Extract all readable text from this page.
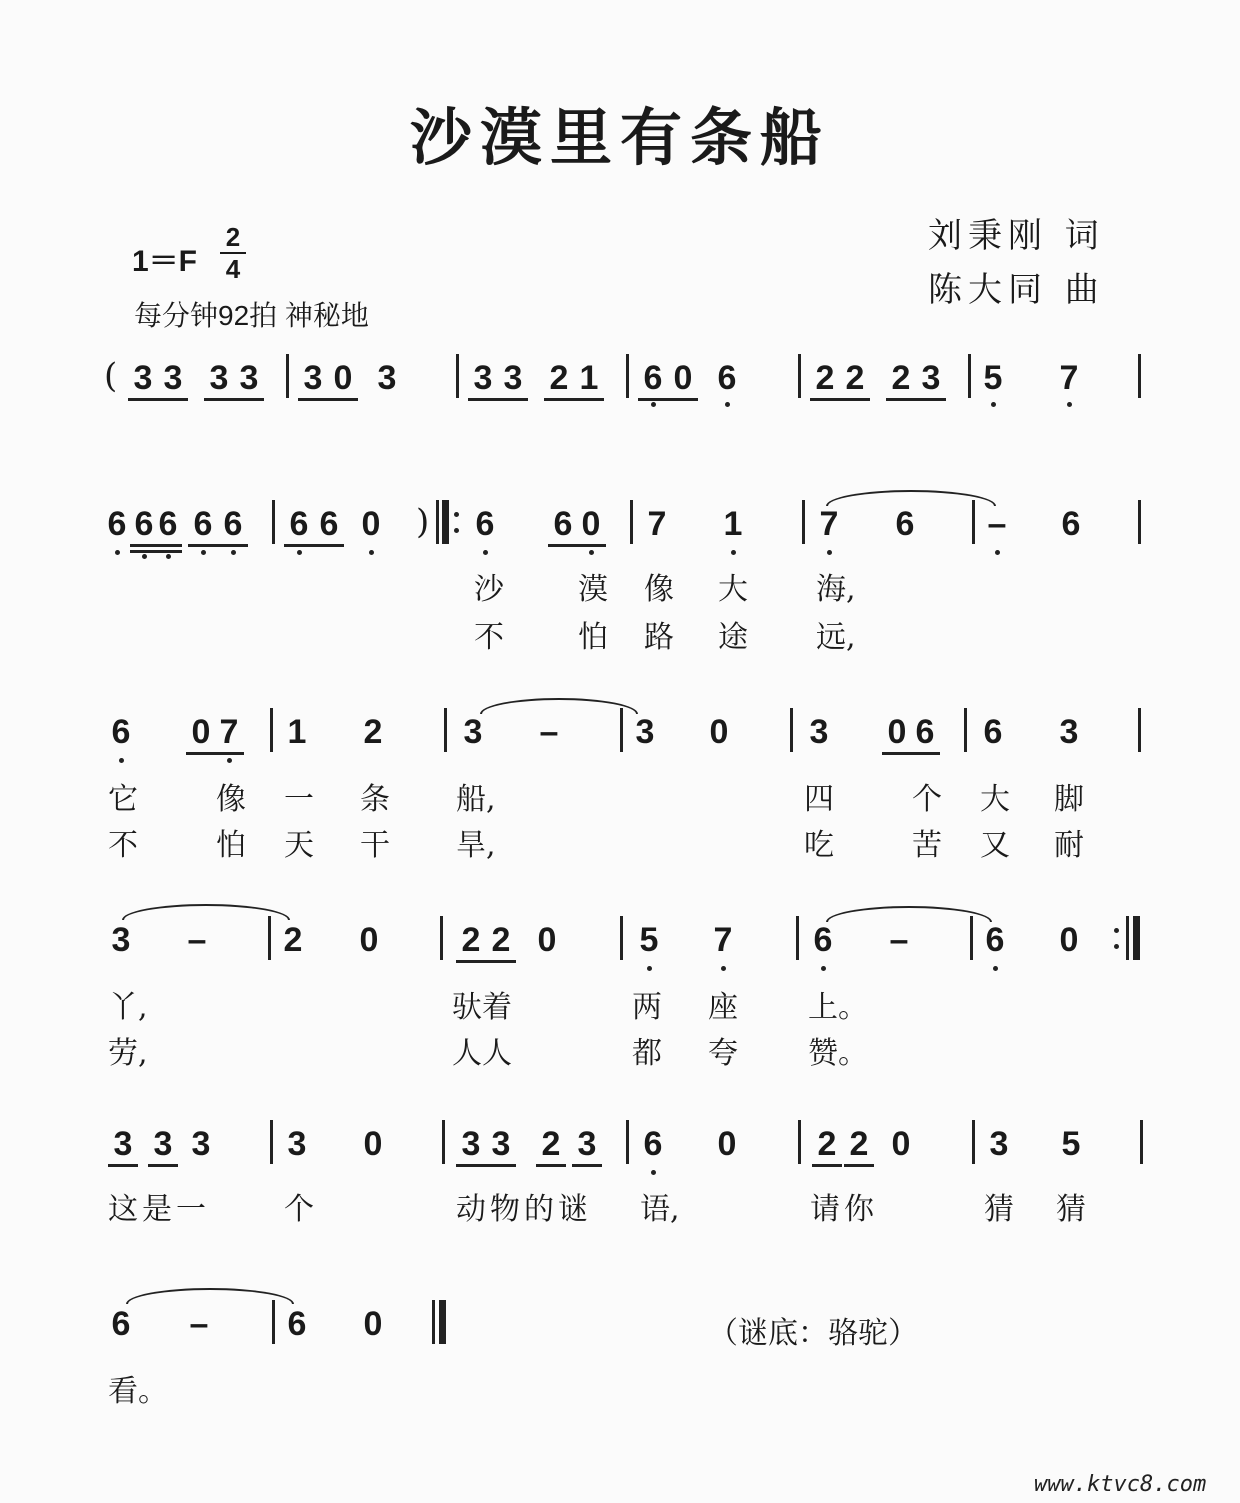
沙漠里有条船
刘秉刚 词
陈大同 曲
1＝F
2
4
每分钟92拍 神秘地
( 3 3 3 3 3 0 3 3 3 2 1 6 0 6 2 2 2 3 5 7
6 6 6 6 6 6 6 0 ) 6 6 0 7 1 7 6 – 6
沙 漠 像 大 海,
不 怕 路 途 远,
6 0 7 1 2 3 – 3 0 3 0 6 6 3
它	像 一 条 船,	四	个 大 脚
不	怕 天 干 旱,	吃	苦 又 耐
3 – 2 0 2 2 0 5 7 6 – 6 0
丫,	驮着	两 座 上。
劳,	人人	都 夸 赞。
3 3 3 3 0 3 3 2 3 6 0 2 2 0 3 5
这是一 个	动物的谜 语,	请你	猜 猜
6 – 6 0	（谜底：骆驼）
看。
www.ktvc8.com
